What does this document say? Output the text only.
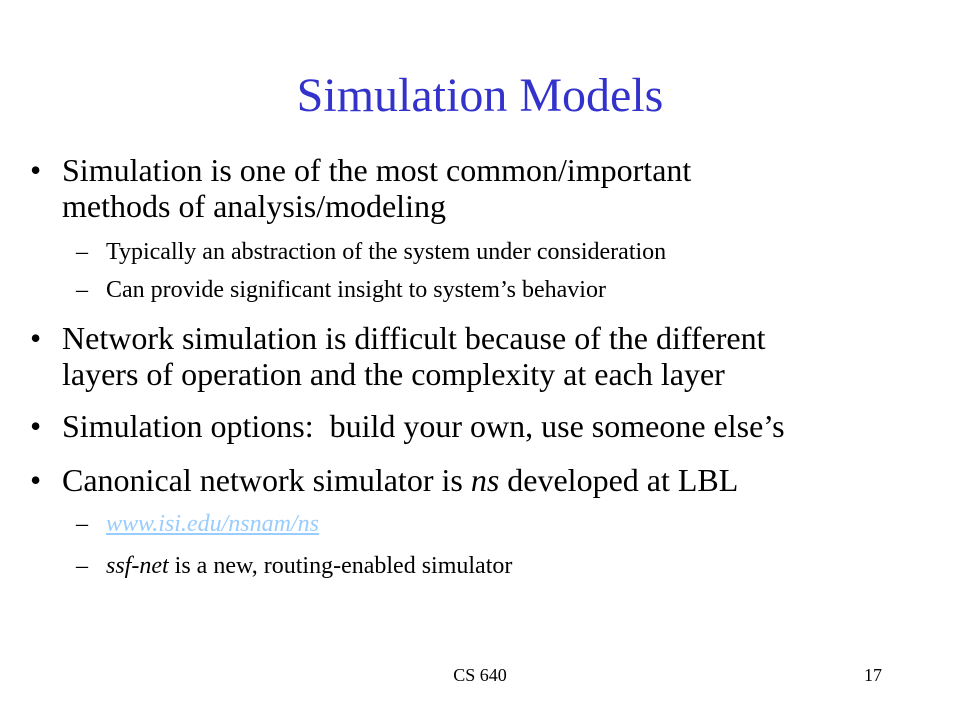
Simulation Models
• Simulation is one of the most common/important
methods of analysis/modeling
– Typically an abstraction of the system under consideration
– Can provide significant insight to system’s behavior
• Network simulation is difficult because of the different
layers of operation and the complexity at each layer
• Simulation options:  build your own, use someone else’s
• Canonical network simulator is ns developed at LBL
– www.isi.edu/nsnam/ns
– ssf-net is a new, routing-enabled simulator
CS 640	17
